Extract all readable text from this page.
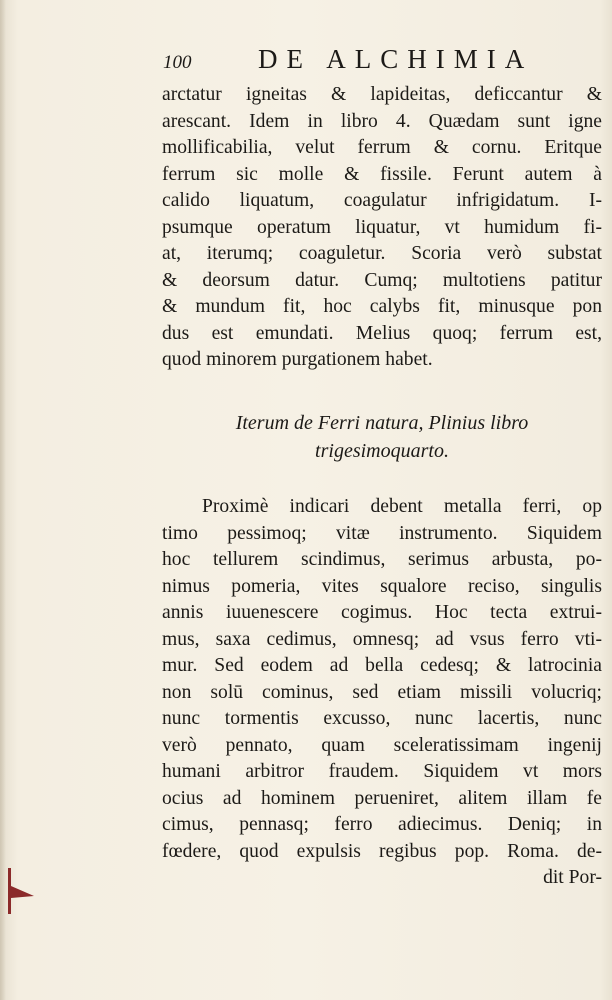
100 DE ALCHIMIA
arctatur igneitas & lapideitas, deficcantur &
arescant. Idem in libro 4. Quædam sunt igne
mollificabilia, velut ferrum & cornu. Eritque
ferrum sic molle & fissile. Ferunt autem à
calido liquatum, coagulatur infrigidatum. I-
psumque operatum liquatur, vt humidum fi-
at, iterumq; coaguletur. Scoria verò substat
& deorsum datur. Cumq; multotiens patitur
& mundum fit, hoc calybs fit, minusque pon
dus est emundati. Melius quoq; ferrum est,
quod minorem purgationem habet.
Iterum de Ferri natura, Plinius libro
trigesimoquarto.
Proximè indicari debent metalla ferri, op
timo pessimoq; vitæ instrumento. Siquidem
hoc tellurem scindimus, serimus arbusta, po-
nimus pomeria, vites squalore reciso, singulis
annis iuuenescere cogimus. Hoc tecta extrui-
mus, saxa cedimus, omnesq; ad vsus ferro vti-
mur. Sed eodem ad bella cedesq; & latrocinia
non solū cominus, sed etiam missili volucriq;
nunc tormentis excusso, nunc lacertis, nunc
verò pennato, quam sceleratissimam ingenij
humani arbitror fraudem. Siquidem vt mors
ocius ad hominem perueniret, alitem illam fe
cimus, pennasq; ferro adiecimus. Deniq; in
fœdere, quod expulsis regibus pop. Roma. de-
dit Por-
